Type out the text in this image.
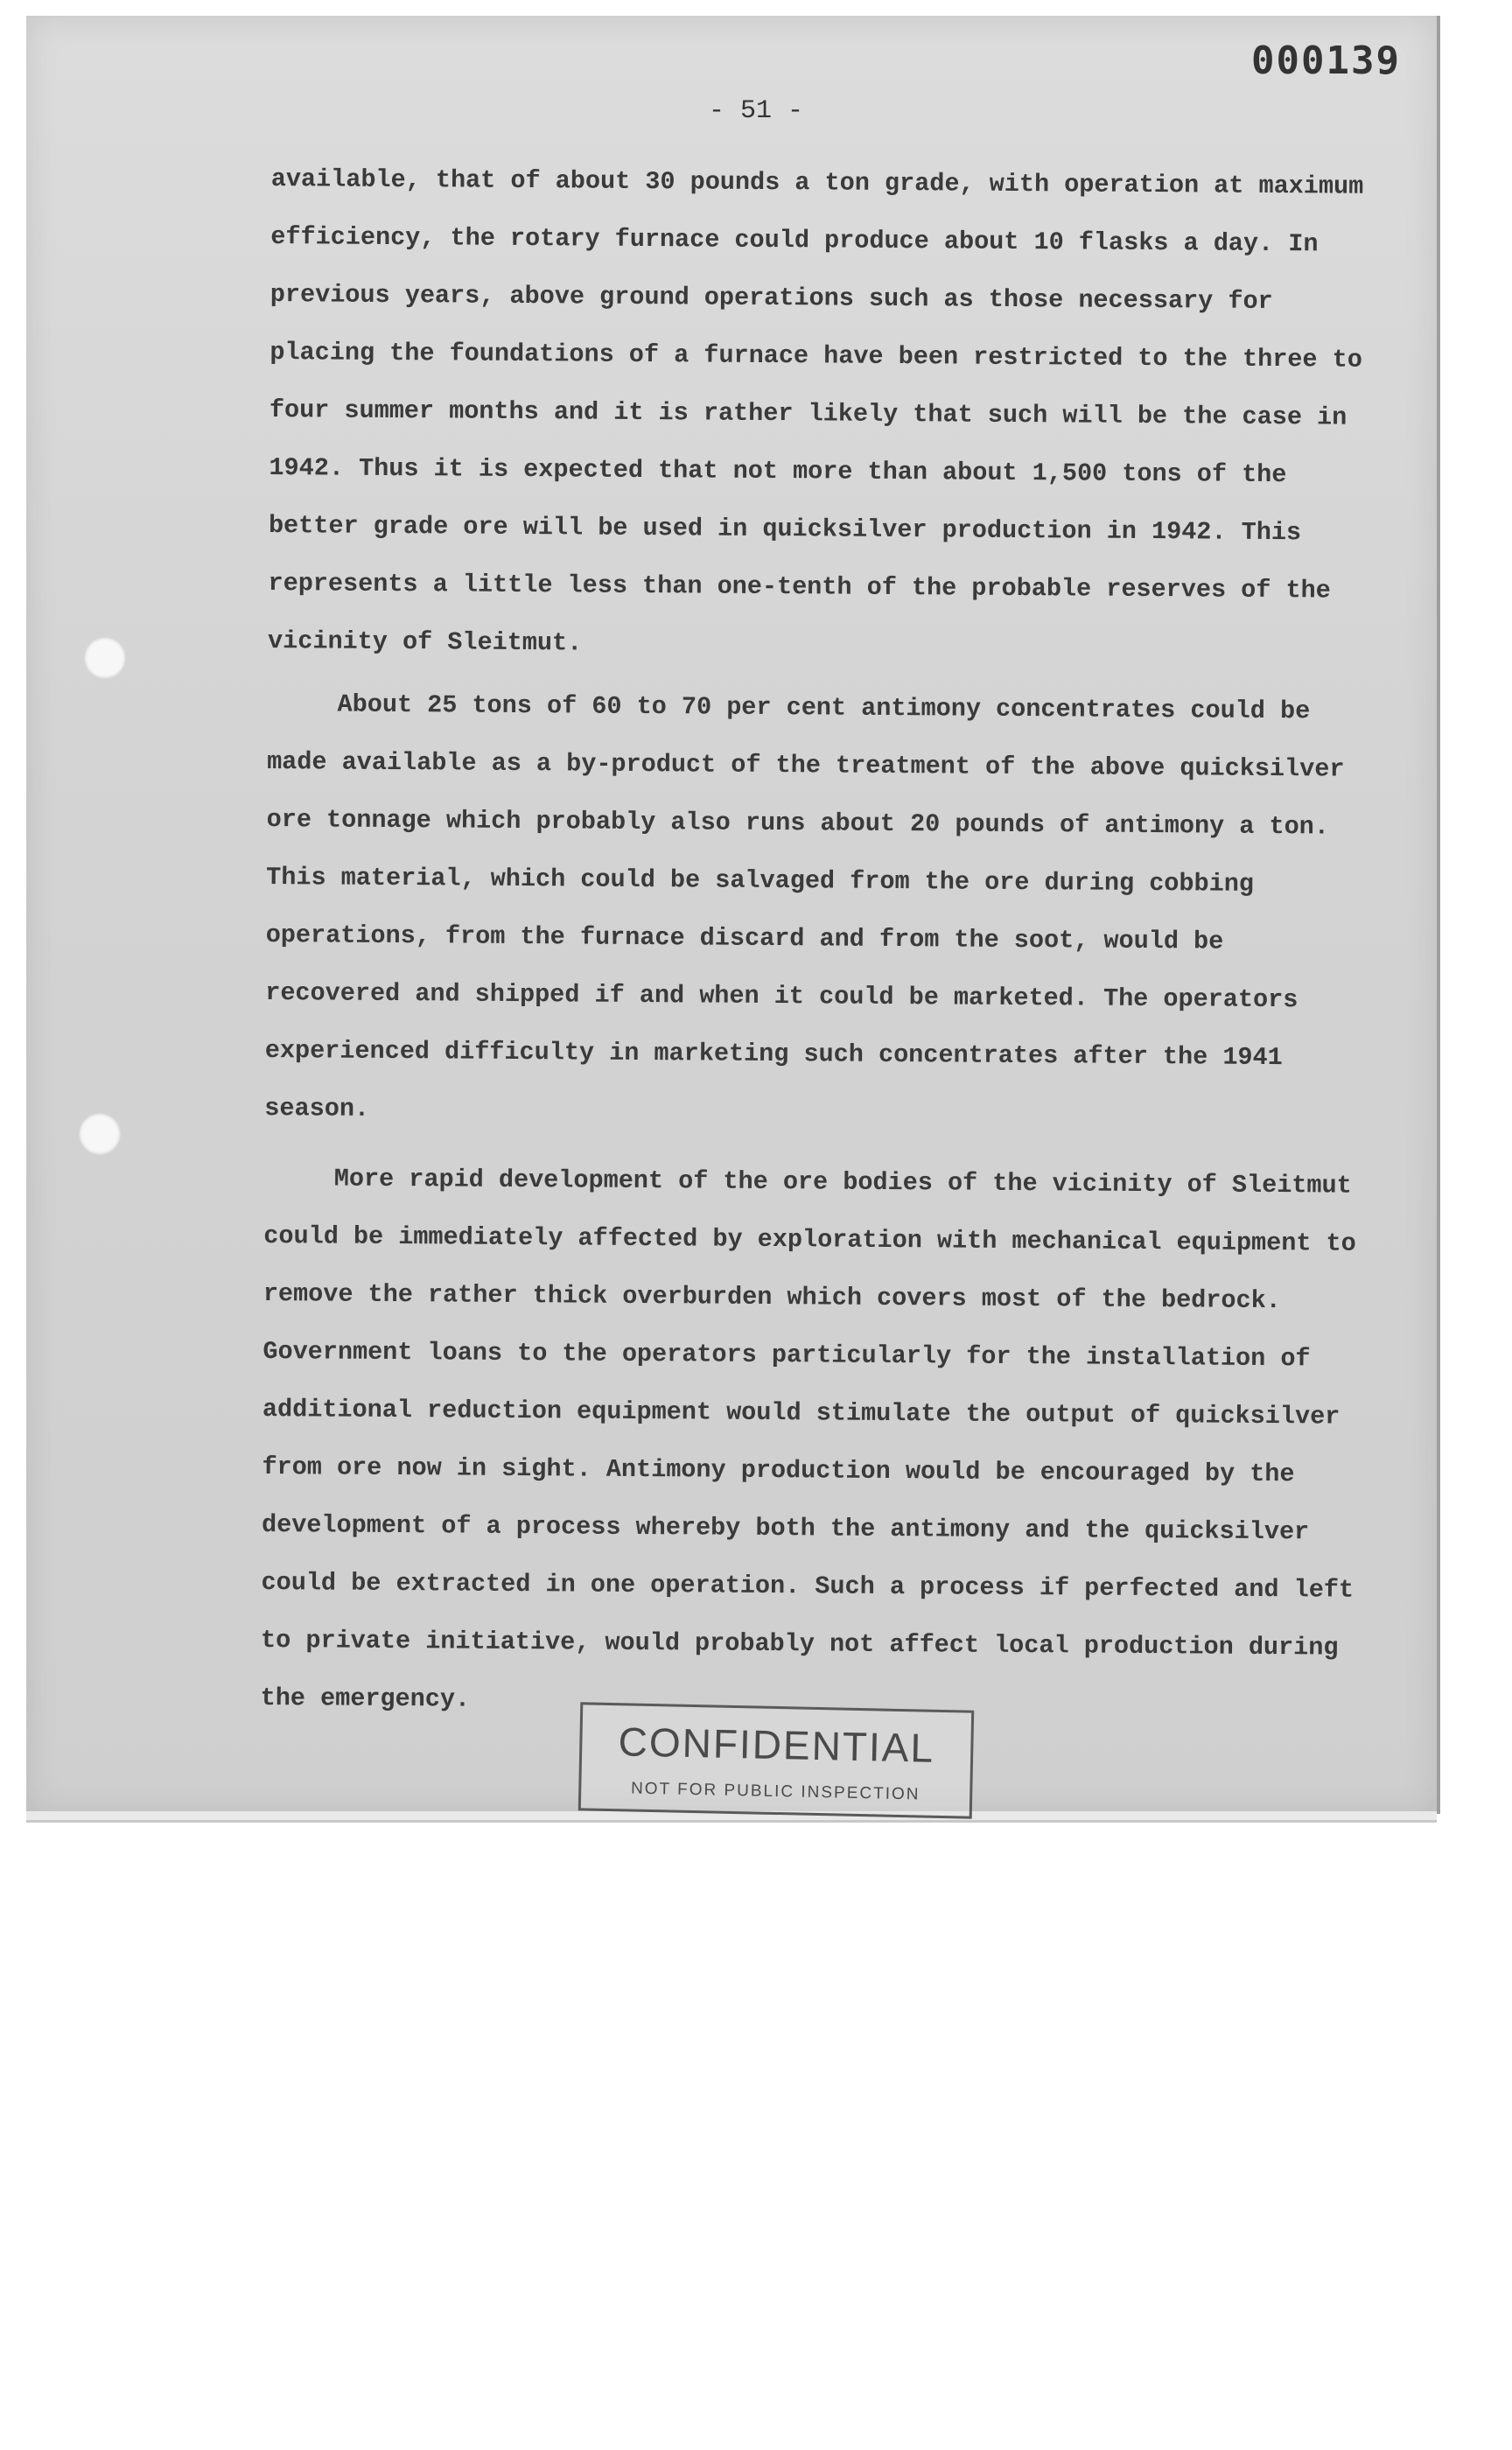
000139
- 51 -

available, that of about 30 pounds a ton grade, with operation at maximum efficiency, the rotary furnace could produce about 10 flasks a day. In previous years, above ground operations such as those necessary for placing the foundations of a furnace have been restricted to the three to four summer months and it is rather likely that such will be the case in 1942. Thus it is expected that not more than about 1,500 tons of the better grade ore will be used in quicksilver production in 1942. This represents a little less than one-tenth of the probable reserves of the vicinity of Sleitmut.

About 25 tons of 60 to 70 per cent antimony concentrates could be made available as a by-product of the treatment of the above quicksilver ore tonnage which probably also runs about 20 pounds of antimony a ton. This material, which could be salvaged from the ore during cobbing operations, from the furnace discard and from the soot, would be recovered and shipped if and when it could be marketed. The operators experienced difficulty in marketing such concentrates after the 1941 season.

More rapid development of the ore bodies of the vicinity of Sleitmut could be immediately affected by exploration with mechanical equipment to remove the rather thick overburden which covers most of the bedrock. Government loans to the operators particularly for the installation of additional reduction equipment would stimulate the output of quicksilver from ore now in sight. Antimony production would be encouraged by the development of a process whereby both the antimony and the quicksilver could be extracted in one operation. Such a process if perfected and left to private initiative, would probably not affect local production during the emergency.

CONFIDENTIAL
NOT FOR PUBLIC INSPECTION
